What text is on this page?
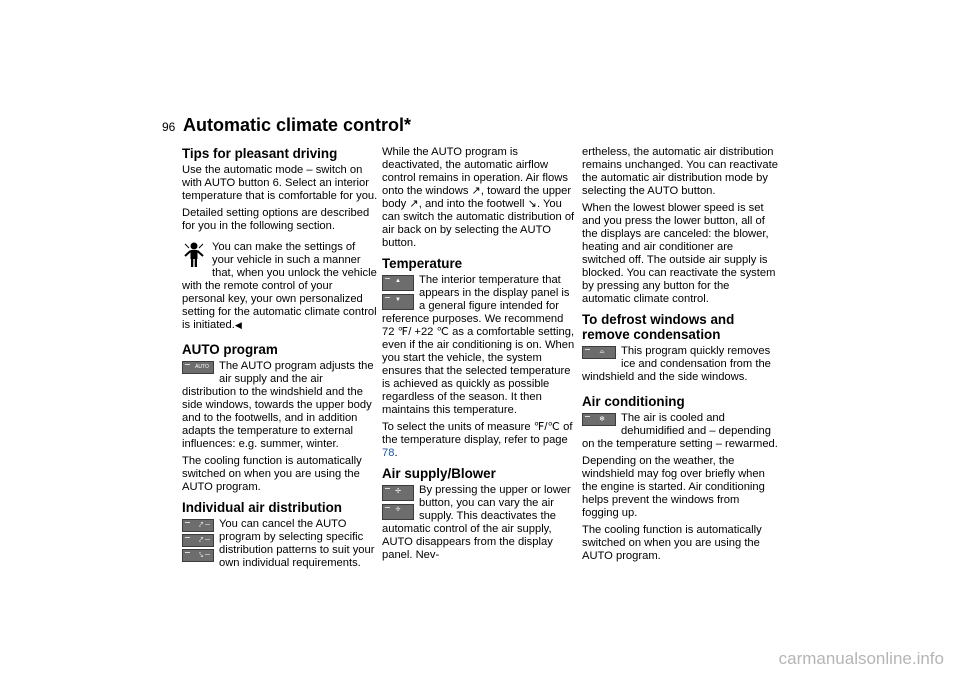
96 Automatic climate control*
Tips for pleasant driving

Use the automatic mode – switch on with AUTO button 6. Select an interior temperature that is comfortable for you.

Detailed setting options are described for you in the following section.

You can make the settings of your vehicle in such a manner that, when you unlock the vehicle with the remote control of your personal key, your own personalized setting for the automatic climate control is initiated.◀

AUTO program
AUTO The AUTO program adjusts the air supply and the air distribution to the windshield and the side windows, towards the upper body and to the footwells, and in addition adapts the temperature to external influences: e.g. summer, winter.

The cooling function is automatically switched on when you are using the AUTO program.

Individual air distribution
⤤ ─
⤤ ─
⤥ ─

You can cancel the AUTO program by selecting specific distribution patterns to suit your own individual requirements.

While the AUTO program is deactivated, the automatic airflow control remains in operation. Air flows onto the windows ↗, toward the upper body ↗, and into the footwell ↘. You can switch the automatic distribution of air back on by selecting the AUTO button.

Temperature
▲
▼

The interior temperature that appears in the display panel is a general figure intended for reference purposes. We recommend 72 ℉/ +22 ℃ as a comfortable setting, even if the air conditioning is on. When you start the vehicle, the system ensures that the selected temperature is achieved as quickly as possible regardless of the season. It then maintains this temperature.

To select the units of measure ℉/℃ of the temperature display, refer to page 78.

Air supply/Blower
✢
✢

By pressing the upper or lower button, you can vary the air supply. This deactivates the automatic control of the air supply, AUTO disappears from the display panel. Nev-

ertheless, the automatic air distribution remains unchanged. You can reactivate the automatic air distribution mode by selecting the AUTO button.

When the lowest blower speed is set and you press the lower button, all of the displays are canceled: the blower, heating and air conditioner are switched off. The outside air supply is blocked. You can reactivate the system by pressing any button for the automatic climate control.

To defrost windows and remove condensation
⌓	This program quickly removes ice and condensation from the windshield and the side windows.

Air conditioning
❄	The air is cooled and dehumidified and – depending on the temperature setting – rewarmed.

Depending on the weather, the windshield may fog over briefly when the engine is started. Air conditioning helps prevent the windows from fogging up.

The cooling function is automatically switched on when you are using the AUTO program.

carmanualsonline.info
